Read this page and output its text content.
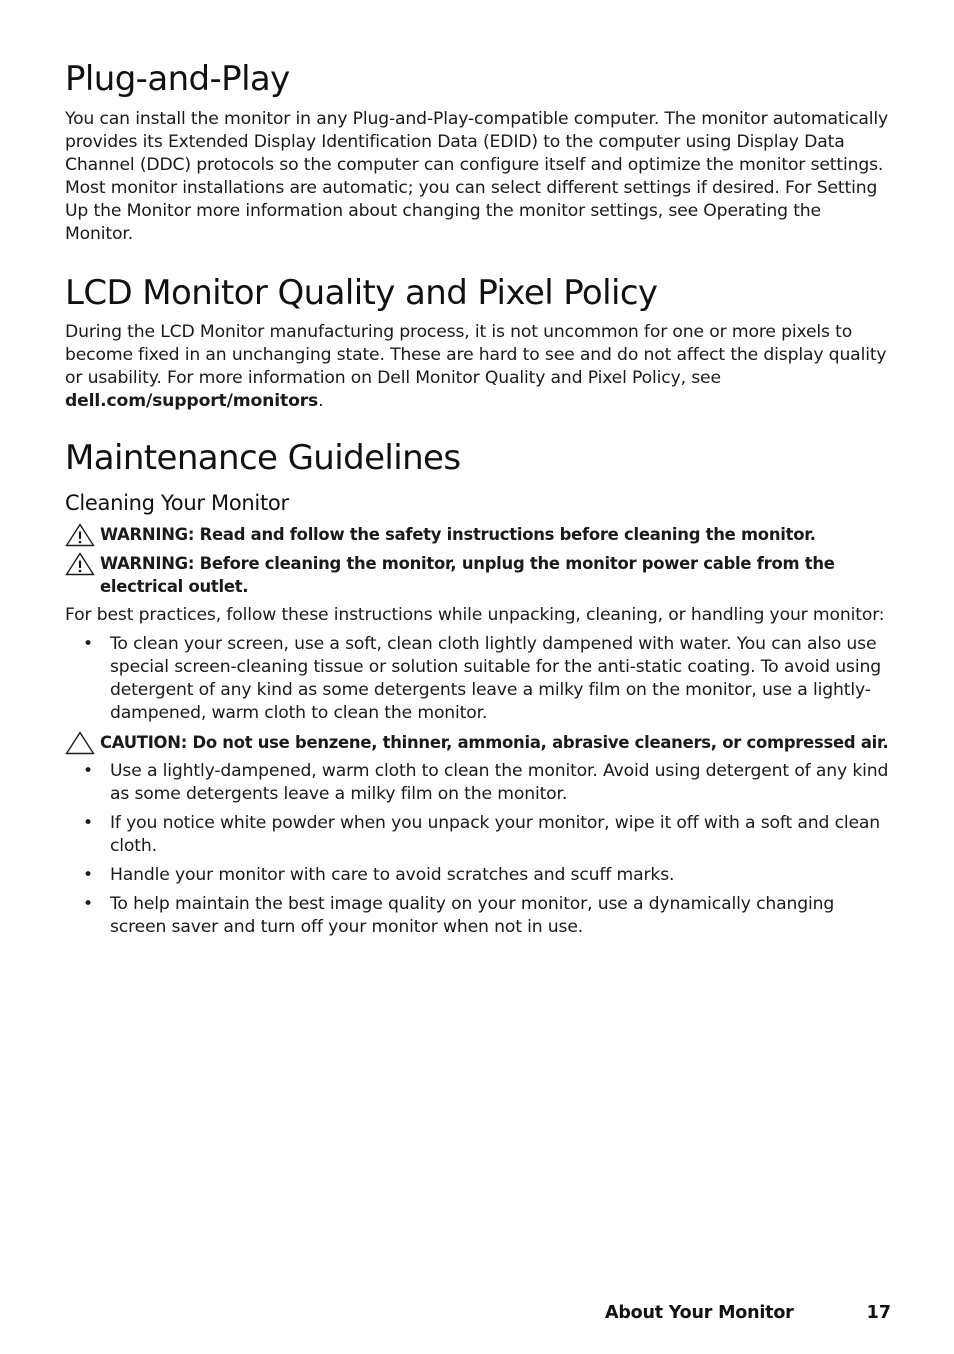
Plug-and-Play

You can install the monitor in any Plug-and-Play-compatible computer. The monitor automatically provides its Extended Display Identification Data (EDID) to the computer using Display Data Channel (DDC) protocols so the computer can configure itself and optimize the monitor settings. Most monitor installations are automatic; you can select different settings if desired. For Setting Up the Monitor more information about changing the monitor settings, see Operating the Monitor.

LCD Monitor Quality and Pixel Policy

During the LCD Monitor manufacturing process, it is not uncommon for one or more pixels to become fixed in an unchanging state. These are hard to see and do not affect the display quality or usability. For more information on Dell Monitor Quality and Pixel Policy, see dell.com/support/monitors.

Maintenance Guidelines
Cleaning Your Monitor
WARNING: Read and follow the safety instructions before cleaning the monitor.
WARNING: Before cleaning the monitor, unplug the monitor power cable from the electrical outlet.

For best practices, follow these instructions while unpacking, cleaning, or handling your monitor:

• To clean your screen, use a soft, clean cloth lightly dampened with water. You can also use special screen-cleaning tissue or solution suitable for the anti-static coating. To avoid using detergent of any kind as some detergents leave a milky film on the monitor, use a lightly-dampened, warm cloth to clean the monitor.
CAUTION: Do not use benzene, thinner, ammonia, abrasive cleaners, or compressed air.
• Use a lightly-dampened, warm cloth to clean the monitor. Avoid using detergent of any kind as some detergents leave a milky film on the monitor.
• If you notice white powder when you unpack your monitor, wipe it off with a soft and clean cloth.
• Handle your monitor with care to avoid scratches and scuff marks.
• To help maintain the best image quality on your monitor, use a dynamically changing screen saver and turn off your monitor when not in use.
About Your Monitor	17
